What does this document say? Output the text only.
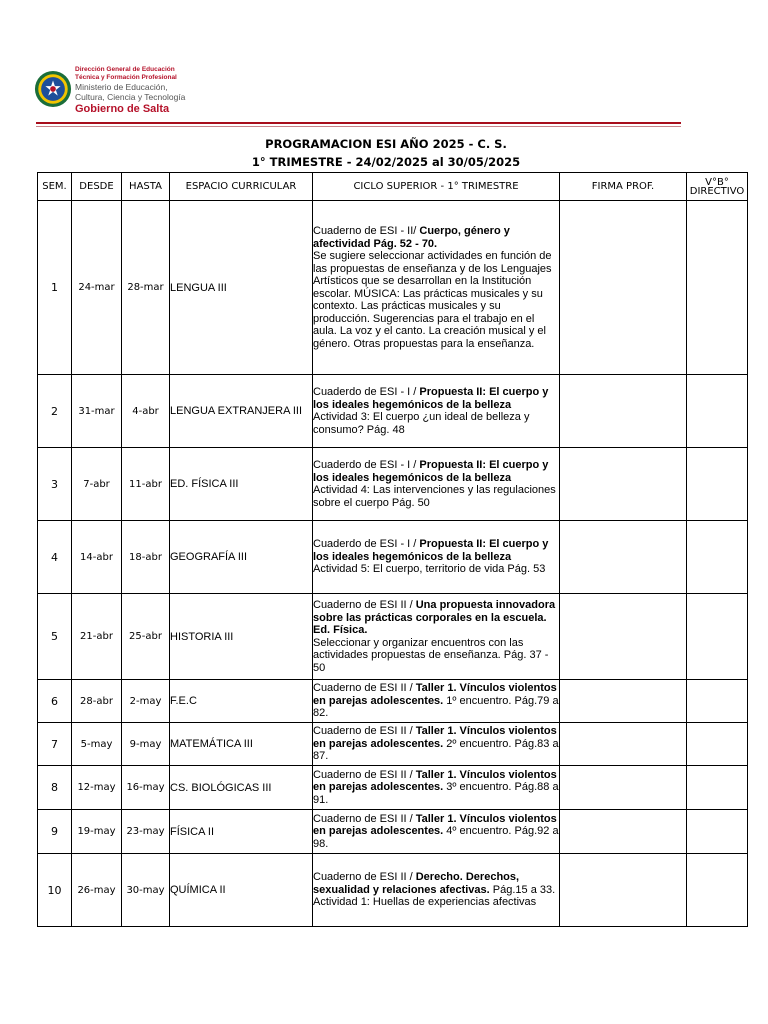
Dirección General de Educación
Técnica y Formación Profesional
Ministerio de Educación,
Cultura, Ciencia y Tecnología
Gobierno de Salta
PROGRAMACION ESI AÑO 2025 - C. S.
1° TRIMESTRE - 24/02/2025 al 30/05/2025
SEM.	DESDE	HASTA	ESPACIO CURRICULAR	CICLO SUPERIOR - 1° TRIMESTRE	FIRMA PROF.	V°B° DIRECTIVO
1	24-mar	28-mar	LENGUA III	Cuaderno de ESI - II/ Cuerpo, género y afectividad Pág. 52 - 70.
Se sugiere seleccionar actividades en función de las propuestas de enseñanza y de los Lenguajes Artísticos que se desarrollan en la Institución escolar. MÚSICA: Las prácticas musicales y su contexto. Las prácticas musicales y su producción. Sugerencias para el trabajo en el aula. La voz y el canto. La creación musical y el género. Otras propuestas para la enseñanza.		

2	31-mar	4-abr	LENGUA EXTRANJERA III	Cuaderdo de ESI - I / Propuesta II: El cuerpo y los ideales hegemónicos de la belleza
Actividad 3: El cuerpo ¿un ideal de belleza y consumo? Pág. 48		

3	7-abr	11-abr	ED. FÍSICA III	Cuaderdo de ESI - I / Propuesta II: El cuerpo y los ideales hegemónicos de la belleza
Actividad 4: Las intervenciones y las regulaciones sobre el cuerpo Pág. 50		

4	14-abr	18-abr	GEOGRAFÍA III	Cuaderdo de ESI - I / Propuesta II: El cuerpo y los ideales hegemónicos de la belleza
Actividad 5: El cuerpo, territorio de vida Pág. 53		

5	21-abr	25-abr	HISTORIA III	Cuaderno de ESI II / Una propuesta innovadora sobre las prácticas corporales en la escuela. Ed. Física.
Seleccionar y organizar encuentros con las actividades propuestas de enseñanza. Pág. 37 - 50		

6	28-abr	2-may	F.E.C	Cuaderno de ESI II / Taller 1. Vínculos violentos en parejas adolescentes. 1º encuentro. Pág.79 a 82.		
7	5-may	9-may	MATEMÁTICA III	Cuaderno de ESI II / Taller 1. Vínculos violentos en parejas adolescentes. 2º encuentro. Pág.83 a 87.		
8	12-may	16-may	CS. BIOLÓGICAS III	Cuaderno de ESI II / Taller 1. Vínculos violentos en parejas adolescentes. 3º encuentro. Pág.88 a 91.		
9	19-may	23-may	FÍSICA II	Cuaderno de ESI II / Taller 1. Vínculos violentos en parejas adolescentes. 4º encuentro. Pág.92 a 98.		
10	26-may	30-may	QUÍMICA II	Cuaderno de ESI II / Derecho. Derechos, sexualidad y relaciones afectivas. Pág.15 a 33.
Actividad 1: Huellas de experiencias afectivas		
